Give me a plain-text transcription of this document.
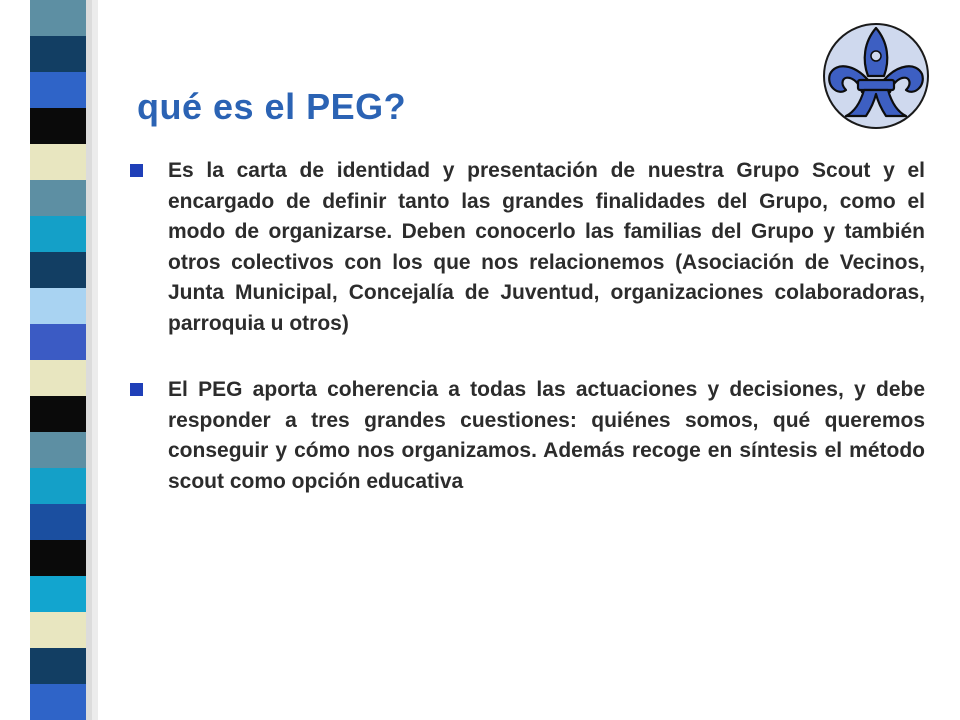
qué es el PEG?
Es la carta de identidad y presentación de nuestra Grupo Scout y el encargado de definir tanto las grandes finalidades del Grupo, como el modo de organizarse. Deben conocerlo las familias del Grupo y también otros colectivos con los que nos relacionemos (Asociación de Vecinos, Junta Municipal, Concejalía de Juventud, organizaciones colaboradoras, parroquia u otros)
El PEG aporta coherencia a todas las actuaciones y decisiones, y debe responder a tres grandes cuestiones: quiénes somos, qué queremos conseguir y cómo nos organizamos. Además recoge en síntesis el método scout como opción educativa
